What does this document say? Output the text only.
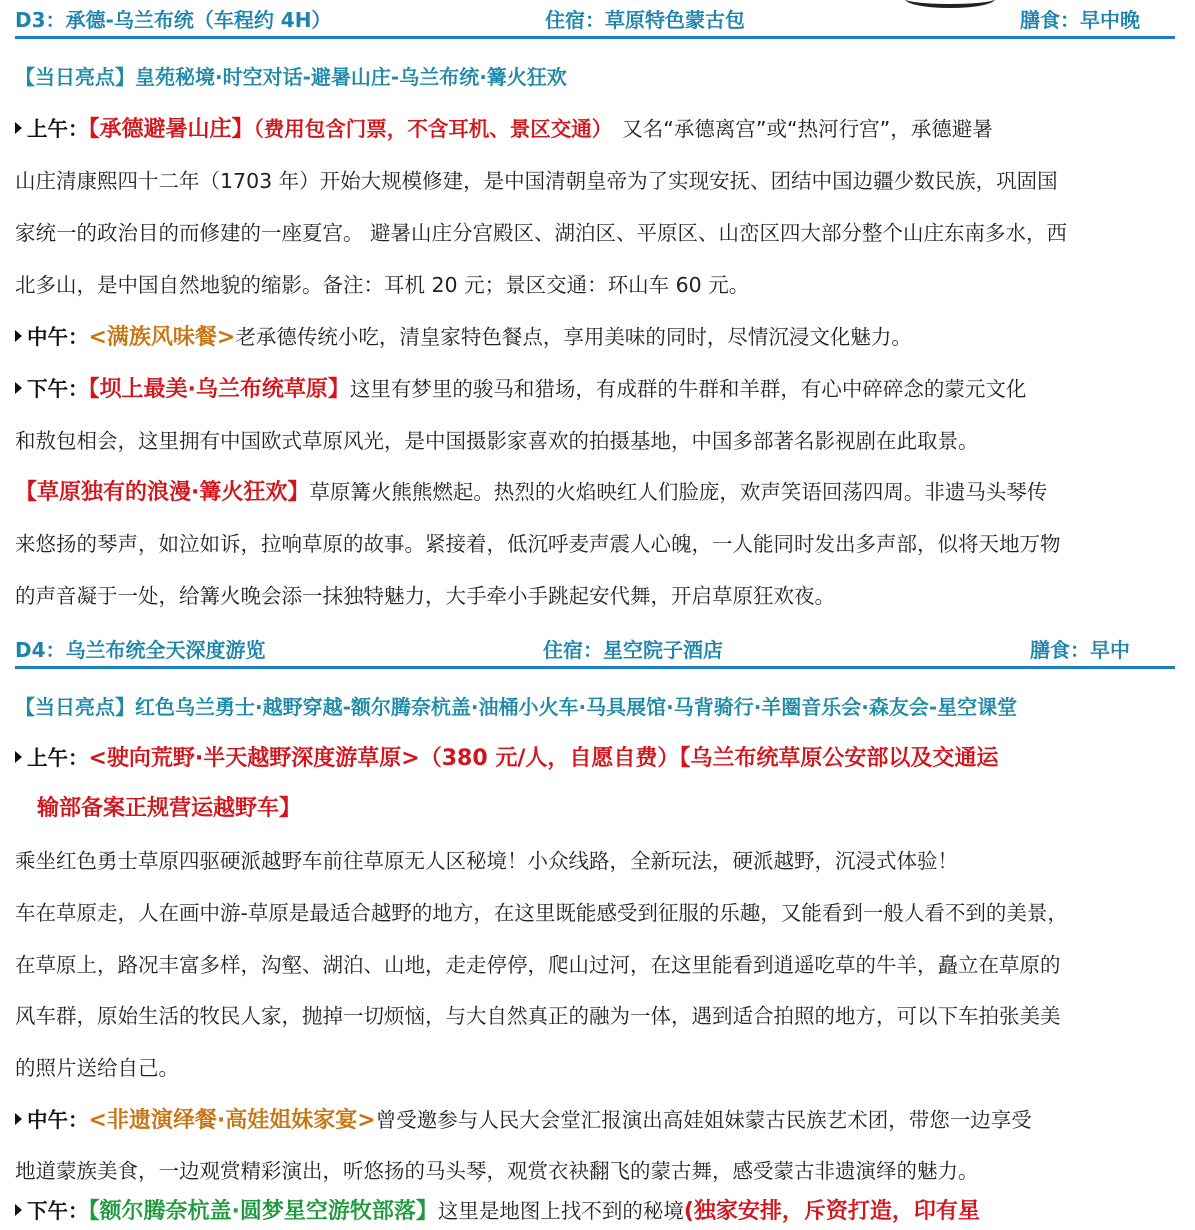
D3：承德-乌兰布统（车程约 4H）	住宿：草原特色蒙古包	膳食：早中晚
【当日亮点】皇苑秘境·时空对话-避暑山庄-乌兰布统·篝火狂欢
上午：【承德避暑山庄】（费用包含门票，不含耳机、景区交通） 又名“承德离宫”或“热河行宫”，承德避暑
山庄清康熙四十二年（1703 年）开始大规模修建，是中国清朝皇帝为了实现安抚、团结中国边疆少数民族，巩固国
家统一的政治目的而修建的一座夏宫。 避暑山庄分宫殿区、湖泊区、平原区、山峦区四大部分整个山庄东南多水，西
北多山，是中国自然地貌的缩影。备注：耳机 20 元；景区交通：环山车 60 元。
中午：<满族风味餐>老承德传统小吃，清皇家特色餐点，享用美味的同时，尽情沉浸文化魅力。
下午：【坝上最美·乌兰布统草原】这里有梦里的骏马和猎场，有成群的牛群和羊群，有心中碎碎念的蒙元文化
和敖包相会，这里拥有中国欧式草原风光，是中国摄影家喜欢的拍摄基地，中国多部著名影视剧在此取景。
【草原独有的浪漫·篝火狂欢】草原篝火熊熊燃起。热烈的火焰映红人们脸庞，欢声笑语回荡四周。非遗马头琴传
来悠扬的琴声，如泣如诉，拉响草原的故事。紧接着，低沉呼麦声震人心魄，一人能同时发出多声部，似将天地万物
的声音凝于一处，给篝火晚会添一抹独特魅力，大手牵小手跳起安代舞，开启草原狂欢夜。
D4：乌兰布统全天深度游览	住宿：星空院子酒店	膳食：早中
【当日亮点】红色乌兰勇士·越野穿越-额尔腾奈杭盖·油桶小火车·马具展馆·马背骑行·羊圈音乐会·森友会-星空课堂
上午：<驶向荒野·半天越野深度游草原>（380 元/人，自愿自费）【乌兰布统草原公安部以及交通运
输部备案正规营运越野车】
乘坐红色勇士草原四驱硬派越野车前往草原无人区秘境！小众线路，全新玩法，硬派越野，沉浸式体验！
车在草原走，人在画中游-草原是最适合越野的地方，在这里既能感受到征服的乐趣，又能看到一般人看不到的美景，
在草原上，路况丰富多样，沟壑、湖泊、山地，走走停停，爬山过河，在这里能看到逍遥吃草的牛羊，矗立在草原的
风车群，原始生活的牧民人家，抛掉一切烦恼，与大自然真正的融为一体，遇到适合拍照的地方，可以下车拍张美美
的照片送给自己。
中午：<非遗演绎餐·高娃姐妹家宴>曾受邀参与人民大会堂汇报演出高娃姐妹蒙古民族艺术团，带您一边享受
地道蒙族美食，一边观赏精彩演出，听悠扬的马头琴，观赏衣袂翻飞的蒙古舞，感受蒙古非遗演绎的魅力。
下午：【额尔腾奈杭盖·圆梦星空游牧部落】这里是地图上找不到的秘境(独家安排，斥资打造，印有星
